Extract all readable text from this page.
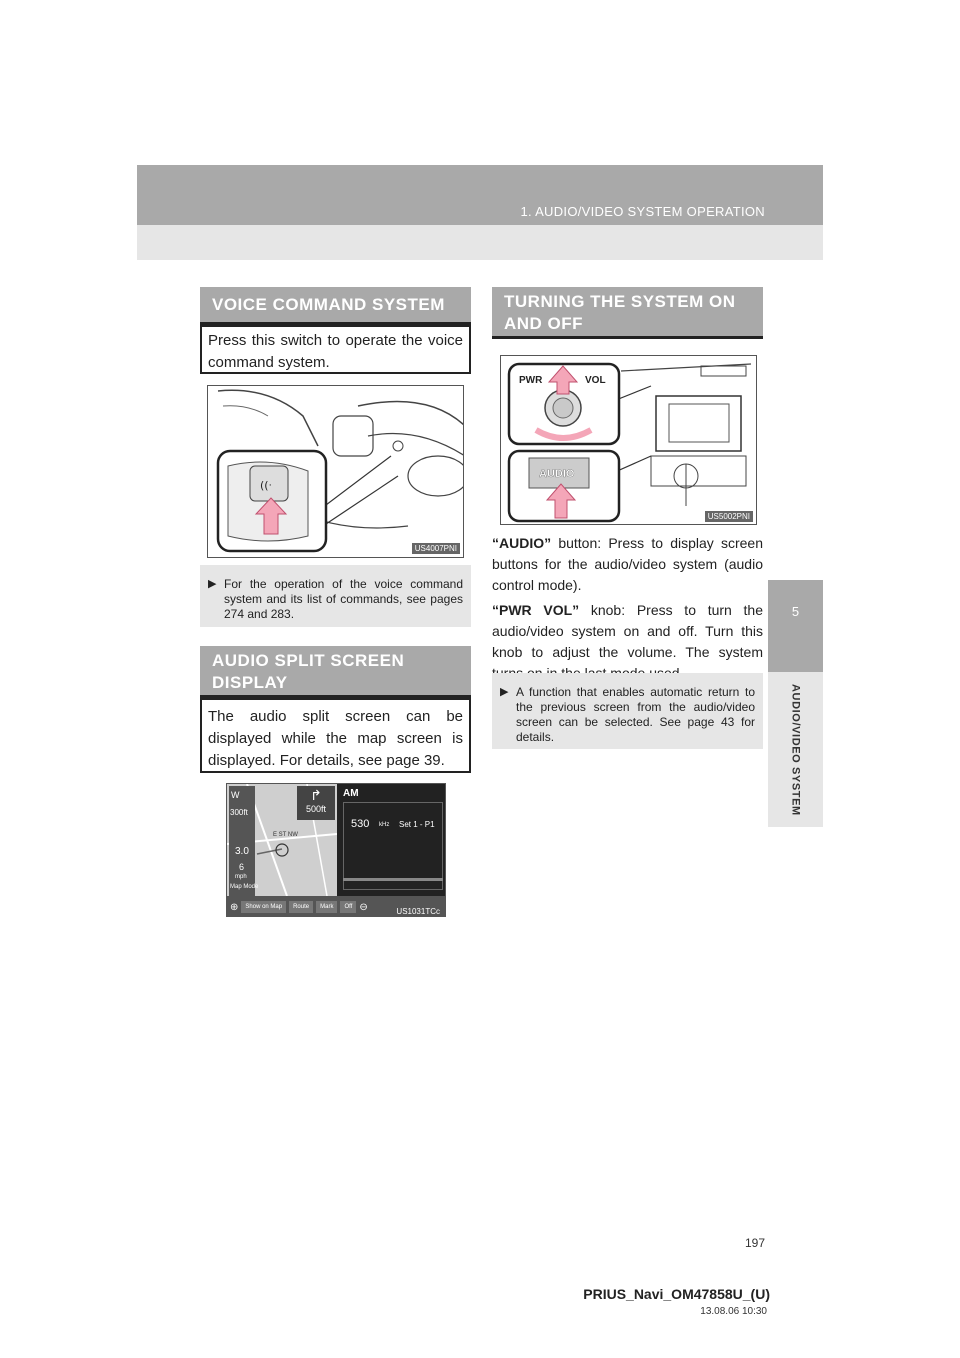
1. AUDIO/VIDEO SYSTEM OPERATION
5
AUDIO/VIDEO SYSTEM
VOICE COMMAND SYSTEM
Press this switch to operate the voice command system.
((ᐧ
US4007PNI
▶ For the operation of the voice command system and its list of commands, see pages 274 and 283.
AUDIO SPLIT SCREEN
DISPLAY
The audio split screen can be displayed while the map screen is displayed. For details, see page 39.
W
300ft
3.0
6
mph
Map Mode
↱
500ft
E ST NW
AM
530 kHz Set 1 - P1
⊕	Show on Map	Route	Mark	Off ⊖	US1031TCc
TURNING THE SYSTEM ON
AND OFF
PWR	VOL
AUDIO
US5002PNI
“AUDIO” button: Press to display screen buttons for the audio/video system (audio control mode).
“PWR VOL” knob: Press to turn the audio/video system on and off. Turn this knob to adjust the volume. The system
▶ A function that enables automatic return to the previous screen from the audio/video screen can be selected. See page 43 for details.
197
PRIUS_Navi_OM47858U_(U)
13.08.06 10:30
